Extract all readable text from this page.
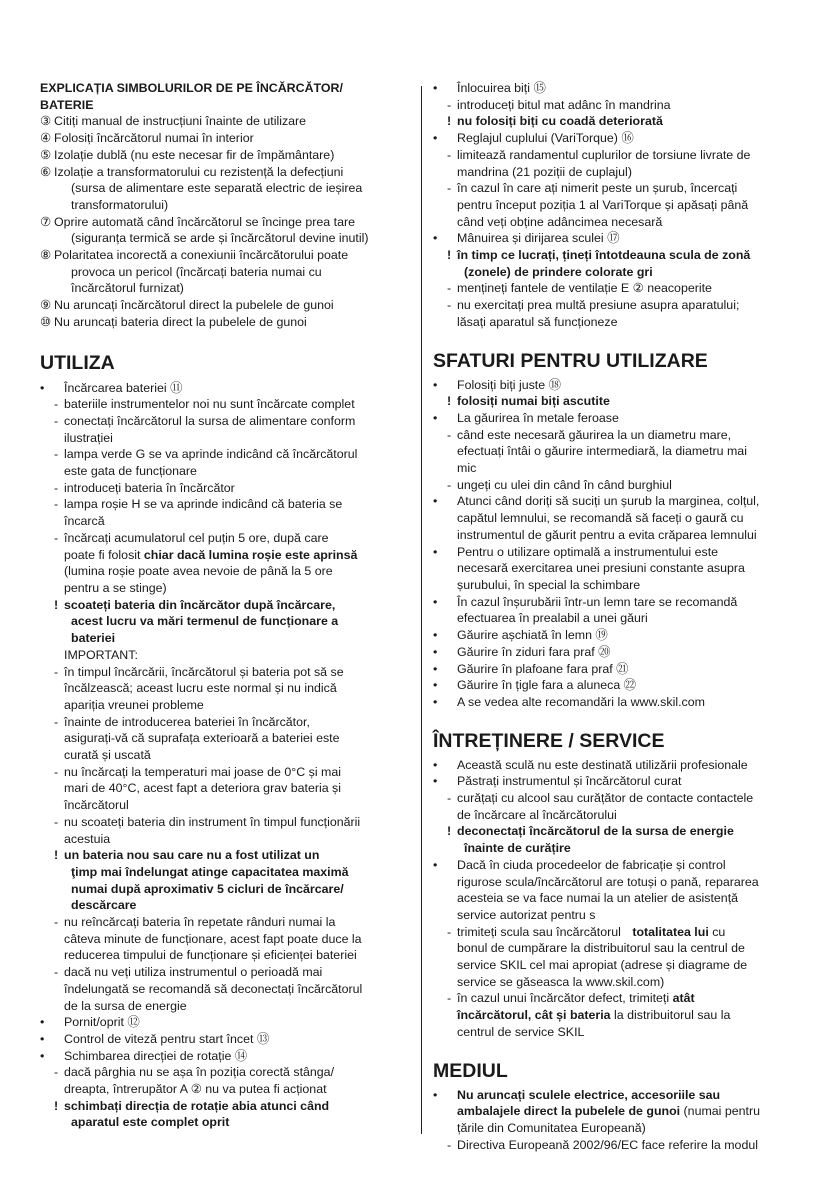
EXPLICAȚIA SIMBOLURILOR DE PE ÎNCĂRCĂTOR/
BATERIE
③ Citiți manual de instrucțiuni înainte de utilizare
④ Folosiți încărcătorul numai în interior
⑤ Izolație dublă (nu este necesar fir de împământare)
⑥ Izolație a transformatorului cu rezistență la defecțiuni
(sursa de alimentare este separată electric de ieșirea
transformatorului)
⑦ Oprire automată când încărcătorul se încinge prea tare
(siguranța termică se arde și încărcătorul devine inutil)
⑧ Polaritatea incorectă a conexiunii încărcătorului poate
provoca un pericol (încărcați bateria numai cu
încărcătorul furnizat)
⑨ Nu aruncați încărcătorul direct la pubelele de gunoi
⑩ Nu aruncați bateria direct la pubelele de gunoi
UTILIZA
• Încărcarea bateriei ⑪
- bateriile instrumentelor noi nu sunt încărcate complet
- conectați încărcătorul la sursa de alimentare conform
ilustrației
- lampa verde G se va aprinde indicând că încărcătorul
este gata de funcționare
- introduceți bateria în încărcător
- lampa roșie H se va aprinde indicând că bateria se
încarcă
- încărcați acumulatorul cel puțin 5 ore, după care
poate fi folosit chiar dacă lumina roșie este aprinsă
(lumina roșie poate avea nevoie de până la 5 ore
pentru a se stinge)
! scoateți bateria din încărcător după încărcare,
acest lucru va mări termenul de funcționare a
bateriei
IMPORTANT:
- în timpul încărcării, încărcătorul și bateria pot să se
încălzească; aceast lucru este normal și nu indică
apariția vreunei probleme
- înainte de introducerea bateriei în încărcător,
asigurați-vă că suprafața exterioară a bateriei este
curată și uscată
- nu încărcați la temperaturi mai joase de 0°C și mai
mari de 40°C, acest fapt a deteriora grav bateria și
încărcătorul
- nu scoateți bateria din instrument în timpul funcționării
acestuia
! un bateria nou sau care nu a fost utilizat un
ţimp mai îndelungat atinge capacitatea maximă
numai după aproximativ 5 cicluri de încărcare/
descărcare
- nu reîncărcați bateria în repetate rânduri numai la
câteva minute de funcționare, acest fapt poate duce la
reducerea timpului de funcționare și eficienței bateriei
- dacă nu veți utiliza instrumentul o perioadă mai
îndelungată se recomandă să deconectați încărcătorul
de la sursa de energie
• Pornit/oprit ⑫
• Control de viteză pentru start încet ⑬
• Schimbarea direcției de rotație ⑭
- dacă pârghia nu se așa în poziția corectă stânga/
dreapta, întrerupător A ② nu va putea fi acționat
! schimbați direcția de rotație abia atunci când
aparatul este complet oprit
• Înlocuirea biți ⑮
- introduceți bitul mat adânc în mandrina
! nu folosiți biți cu coadă deteriorată
• Reglajul cuplului (VariTorque) ⑯
- limitează randamentul cuplurilor de torsiune livrate de
mandrina (21 poziții de cuplajul)
- în cazul în care ați nimerit peste un șurub, încercați
pentru început poziția 1 al VariTorque și apăsați până
când veți obține adâncimea necesară
• Mânuirea și dirijarea sculei ⑰
! în timp ce lucrați, țineți întotdeauna scula de zonă
(zonele) de prindere colorate gri
- mențineți fantele de ventilație E ② neacoperite
- nu exercitați prea multă presiune asupra aparatului;
lăsați aparatul să funcționeze
SFATURI PENTRU UTILIZARE
• Folosiți biți juste ⑱
! folosiți numai biți ascutite
• La găurirea în metale feroase
- când este necesară găurirea la un diametru mare,
efectuați întâi o găurire intermediară, la diametru mai
mic
- ungeți cu ulei din când în când burghiul
• Atunci când doriți să suciți un șurub la marginea, colțul,
capătul lemnului, se recomandă să faceți o gaură cu
instrumentul de găurit pentru a evita crăparea lemnului
• Pentru o utilizare optimală a instrumentului este
necesară exercitarea unei presiuni constante asupra
șurubului, în special la schimbare
• În cazul înșurubării într-un lemn tare se recomandă
efectuarea în prealabil a unei găuri
• Găurire așchiată în lemn ⑲
• Găurire în ziduri fara praf ⑳
• Găurire în plafoane fara praf ㉑
• Găurire în țigle fara a aluneca ㉒
• A se vedea alte recomandări la www.skil.com
ÎNTREȚINERE / SERVICE
• Această sculă nu este destinată utilizării profesionale
• Păstrați instrumentul și încărcătorul curat
- curățați cu alcool sau curățător de contacte contactele
de încărcare al încărcătorului
! deconectați încărcătorul de la sursa de energie
înainte de curățire
• Dacă în ciuda procedeelor de fabricație și control
rigurose scula/încărcătorul are totuși o pană, repararea
acesteia se va face numai la un atelier de asistență
service autorizat pentru s
- trimiteți scula sau încărcătorul totalitatea lui cu
bonul de cumpărare la distribuitorul sau la centrul de
service SKIL cel mai apropiat (adrese și diagrame de
service se găseasca la www.skil.com)
- în cazul unui încărcător defect, trimiteți atât
încărcătorul, cât și bateria la distribuitorul sau la
centrul de service SKIL
MEDIUL
• Nu aruncați sculele electrice, accesoriile sau
ambalajele direct la pubelele de gunoi (numai pentru
țările din Comunitatea Europeană)
- Directiva Europeană 2002/96/EC face referire la modul
